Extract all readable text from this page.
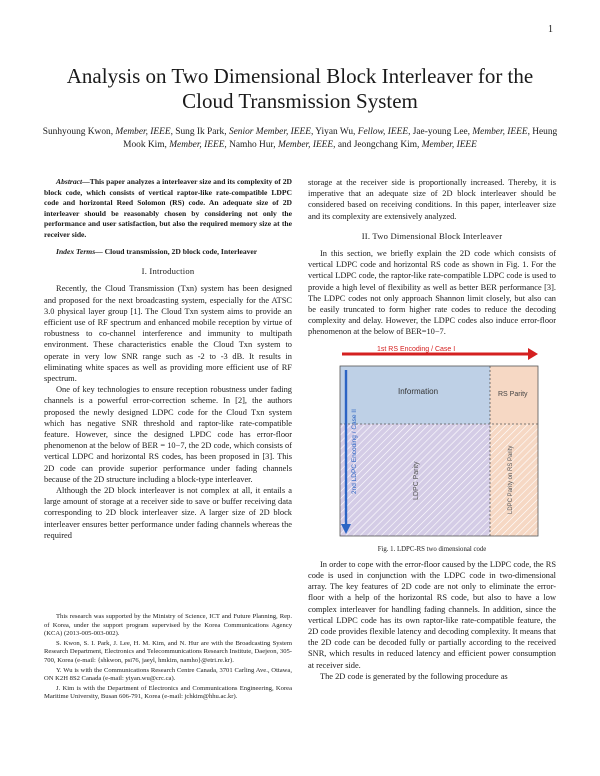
1
Analysis on Two Dimensional Block Interleaver for the Cloud Transmission System
Sunhyoung Kwon, Member, IEEE, Sung Ik Park, Senior Member, IEEE, Yiyan Wu, Fellow, IEEE, Jae-young Lee, Member, IEEE, Heung Mook Kim, Member, IEEE, Namho Hur, Member, IEEE, and Jeongchang Kim, Member, IEEE

Abstract—This paper analyzes a interleaver size and its complexity of 2D block code, which consists of vertical raptor-like rate-compatible LDPC code and horizontal Reed Solomon (RS) code. An adequate size of 2D interleaver should be reasonably chosen by considering not only the performance and user satisfaction, but also the required memory size at the receiver side.

Index Terms— Cloud transmission, 2D block code, Interleaver

I. Introduction

Recently, the Cloud Transmission (Txn) system has been designed and proposed for the next broadcasting system, especially for the ATSC 3.0 physical layer group [1]. The Cloud Txn system aims to provide an efficient use of RF spectrum and enhanced mobile reception by virtue of robustness to co-channel interference and immunity to multipath environment. These characteristics enable the Cloud Txn system to operate in very low SNR range such as -2 to -3 dB. It results in eliminating white spaces as well as providing more efficient use of RF spectrum.

One of key technologies to ensure reception robustness under fading channels is a powerful error-correction scheme. In [2], the authors proposed the newly designed LDPC code for the Cloud Txn system which has negative SNR threshold and raptor-like rate-compatible feature. However, since the designed LPDC code has error-floor phenomenon at the below of BER = 10−7, the 2D code, which consists of vertical LDPC and horizontal RS codes, has been proposed in [3]. This 2D code can provide superior performance under fading channels because of the 2D structure including a block-type interleaver.

Although the 2D block interleaver is not complex at all, it entails a large amount of storage at a receiver side to save or buffer receiving data corresponding to 2D block interleaver size. A larger size of 2D block interleaver ensures better performance under fading channels whereas the required

This research was supported by the Ministry of Science, ICT and Future Planning, Rep. of Korea, under the support program supervised by the Korea Communications Agency (KCA) (2013-005-003-002).

S. Kwon, S. I. Park, J. Lee, H. M. Kim, and N. Hur are with the Broadcasting System Research Department, Electronics and Telecommunications Research Institute, Daejeon, 305-700, Korea (e-mail: {shkwon, psi76, jaeyl, hmkim, namho}@etri.re.kr).

Y. Wu is with the Communications Research Centre Canada, 3701 Carling Ave., Ottawa, ON K2H 8S2 Canada (e-mail: yiyan.wu@crc.ca).

J. Kim is with the Department of Electronics and Communications Engineering, Korea Maritime University, Busan 606-791, Korea (e-mail: jchkim@hhu.ac.kr).

storage at the receiver side is proportionally increased. Thereby, it is imperative that an adequate size of 2D block interleaver should be considered based on receiving conditions. In this paper, interleaver size and its complexity are extensively analyzed.

II. Two Dimensional Block Interleaver

In this section, we briefly explain the 2D code which consists of vertical LDPC code and horizontal RS code as shown in Fig. 1. For the vertical LDPC code, the raptor-like rate-compatible LDPC code is used to provide a high level of flexibility as well as better BER performance [3]. The LDPC codes not only approach Shannon limit closely, but also can be easily truncated to form higher rate codes to reduce the decoding complexity and delay. However, the LDPC codes also induce error-floor phenomenon at the below of BER=10−7.

1st RS Encoding / Case I
2nd LDPC Encoding / Case II
Information	RS Parity
LDPC Parity	LDPC Parity on RS Parity
Fig. 1. LDPC-RS two dimensional code

In order to cope with the error-floor caused by the LDPC code, the RS code is used in conjunction with the LDPC code in two-dimensional array. The key features of 2D code are not only to eliminate the error-floor with a help of the horizontal RS code, but also to have a low complex interleaver for handling fading channels. In addition, since the vertical LDPC code has its own raptor-like rate-compatible feature, the 2D code provides flexible latency and decoding complexity. It means that the 2D code can be decoded fully or partially according to the received SNR, which results in reduced latency and efficient power consumption at receiver side.

The 2D code is generated by the following procedure as
